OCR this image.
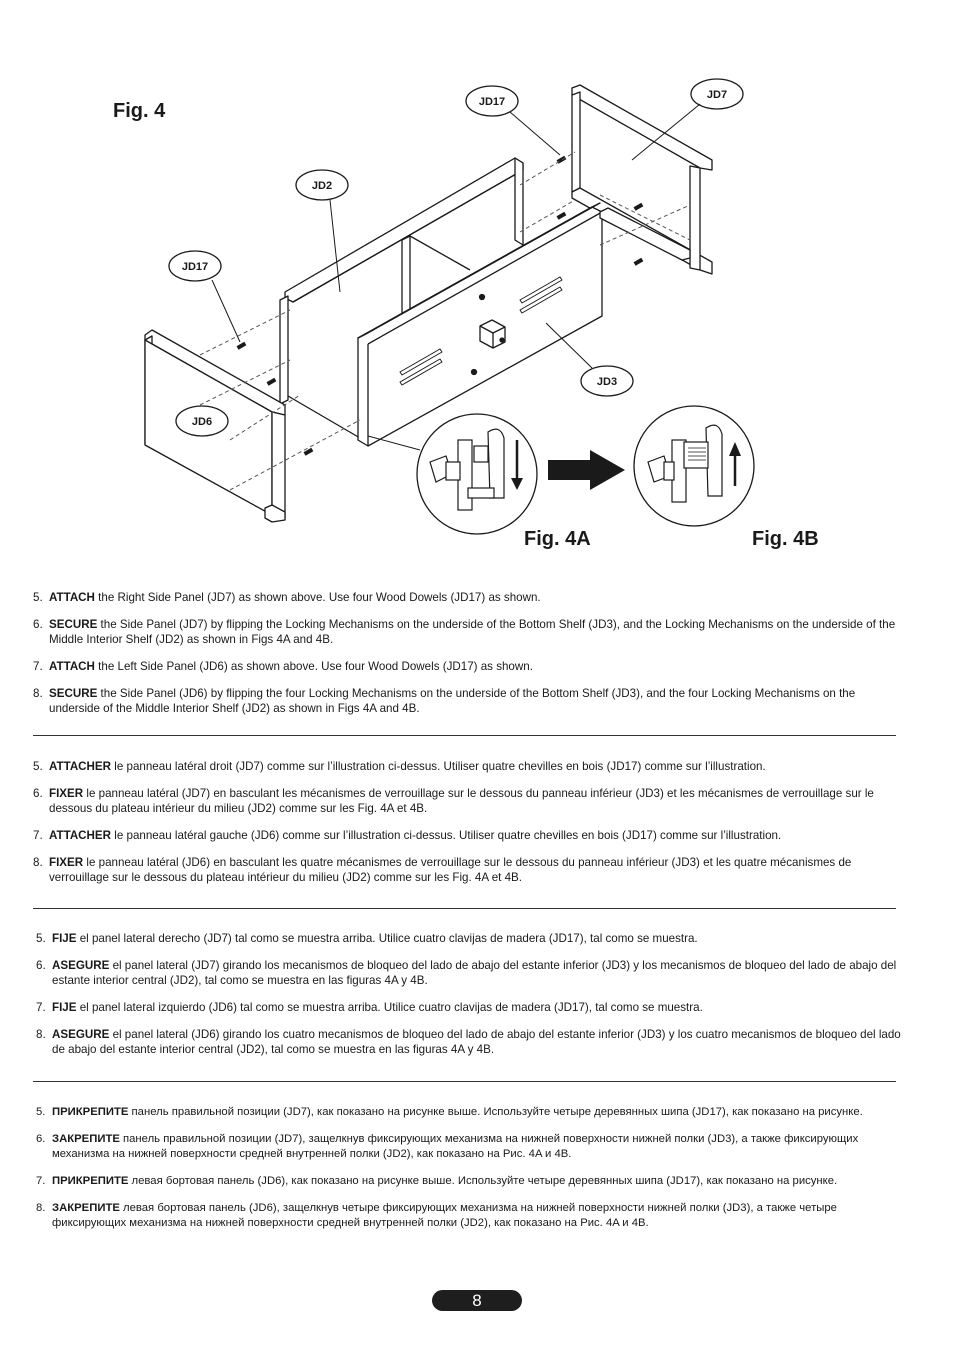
Fig. 4
Fig. 4A	Fig. 4B
JD17
JD7
JD2
JD17
JD6
JD3
5. ATTACH the Right Side Panel (JD7) as shown above. Use four Wood Dowels (JD17) as shown.
6. SECURE the Side Panel (JD7) by flipping the Locking Mechanisms on the underside of the Bottom Shelf (JD3), and the Locking Mechanisms on the underside of the Middle Interior Shelf (JD2) as shown in Figs 4A and 4B.
7. ATTACH the Left Side Panel (JD6) as shown above. Use four Wood Dowels (JD17) as shown.
8. SECURE the Side Panel (JD6) by flipping the four Locking Mechanisms on the underside of the Bottom Shelf (JD3), and the four Locking Mechanisms on the underside of the Middle Interior Shelf (JD2) as shown in Figs 4A and 4B.
5. ATTACHER le panneau latéral droit (JD7) comme sur l’illustration ci-dessus. Utiliser quatre chevilles en bois (JD17) comme sur l’illustration.
6. FIXER le panneau latéral (JD7) en basculant les mécanismes de verrouillage sur le dessous du panneau inférieur (JD3) et les mécanismes de verrouillage sur le dessous du plateau intérieur du milieu (JD2) comme sur les Fig. 4A et 4B.
7. ATTACHER le panneau latéral gauche (JD6) comme sur l’illustration ci-dessus. Utiliser quatre chevilles en bois (JD17) comme sur l’illustration.
8. FIXER le panneau latéral (JD6) en basculant les quatre mécanismes de verrouillage sur le dessous du panneau inférieur (JD3) et les quatre mécanismes de verrouillage sur le dessous du plateau intérieur du milieu (JD2) comme sur les Fig. 4A et 4B.
5. FIJE el panel lateral derecho (JD7) tal como se muestra arriba. Utilice cuatro clavijas de madera (JD17), tal como se muestra.
6. ASEGURE el panel lateral (JD7) girando los mecanismos de bloqueo del lado de abajo del estante inferior (JD3) y los mecanismos de bloqueo del lado de abajo del estante interior central (JD2), tal como se muestra en las figuras 4A y 4B.
7. FIJE el panel lateral izquierdo (JD6) tal como se muestra arriba. Utilice cuatro clavijas de madera (JD17), tal como se muestra.
8. ASEGURE el panel lateral (JD6) girando los cuatro mecanismos de bloqueo del lado de abajo del estante inferior (JD3) y los cuatro mecanismos de bloqueo del lado de abajo del estante interior central (JD2), tal como se muestra en las figuras 4A y 4B.
5. ПРИКРЕПИТЕ панель правильной позиции (JD7), как показано на рисунке выше. Используйте четыре деревянных шипа (JD17), как показано на рисунке.
6. ЗАКРЕПИТЕ панель правильной позиции (JD7), защелкнув фиксирующих механизма на нижней поверхности нижней полки (JD3), а также фиксирующих механизма на нижней поверхности средней внутренней полки (JD2), как показано на Рис. 4A и 4B.
7. ПРИКРЕПИТЕ левая бортовая панель (JD6), как показано на рисунке выше. Используйте четыре деревянных шипа (JD17), как показано на рисунке.
8. ЗАКРЕПИТЕ левая бортовая панель (JD6), защелкнув четыре фиксирующих механизма на нижней поверхности нижней полки (JD3), а также четыре фиксирующих механизма на нижней поверхности средней внутренней полки (JD2), как показано на Рис. 4A и 4B.
8
